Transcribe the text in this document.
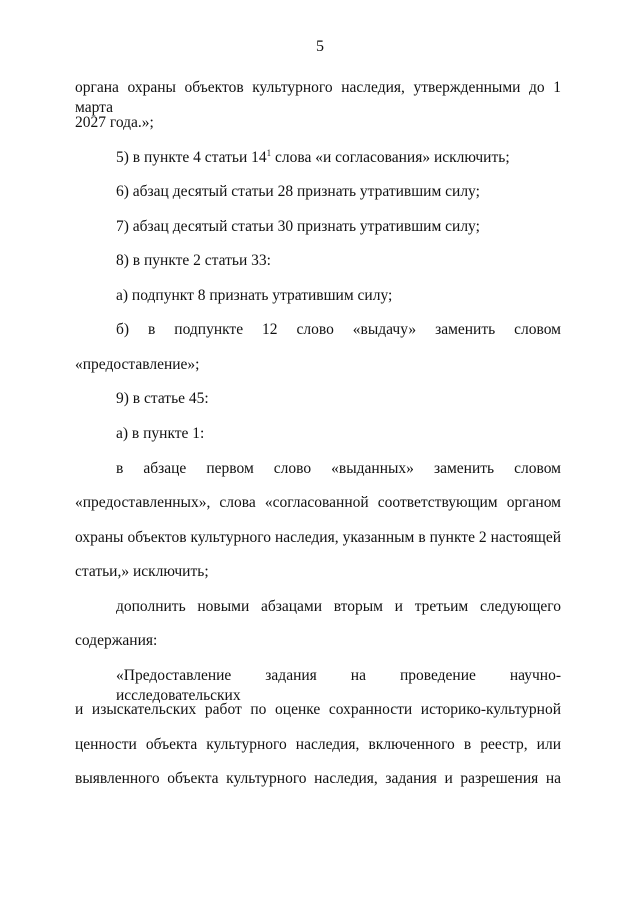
5
органа охраны объектов культурного наследия, утвержденными до 1 марта
2027 года.»;
5) в пункте 4 статьи $14^1$ слова «и согласования» исключить;
6) абзац десятый статьи 28 признать утратившим силу;
7) абзац десятый статьи 30 признать утратившим силу;
8) в пункте 2 статьи 33:
а) подпункт 8 признать утратившим силу;
б) в подпункте 12 слово «выдачу» заменить словом
«предоставление»;
9) в статье 45:
а) в пункте 1:
в абзаце первом слово «выданных» заменить словом
«предоставленных», слова «согласованной соответствующим органом
охраны объектов культурного наследия, указанным в пункте 2 настоящей
статьи,» исключить;
дополнить новыми абзацами вторым и третьим следующего
содержания:
«Предоставление задания на проведение научно-исследовательских
и изыскательских работ по оценке сохранности историко-культурной
ценности объекта культурного наследия, включенного в реестр, или
выявленного объекта культурного наследия, задания и разрешения на
